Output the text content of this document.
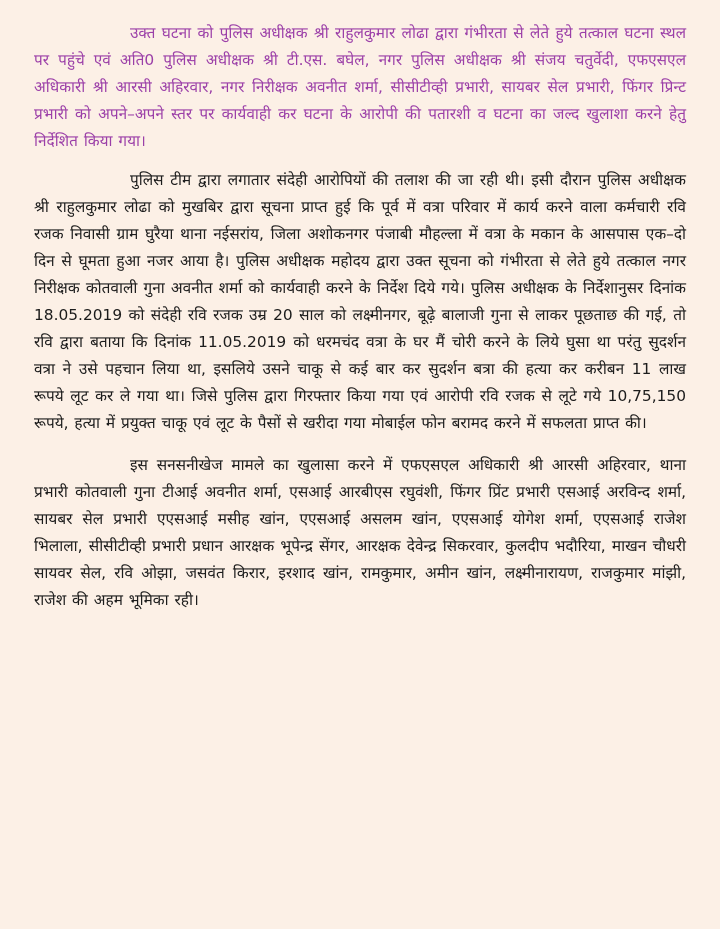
उक्त घटना को पुलिस अधीक्षक श्री राहुलकुमार लोढा द्वारा गंभीरता से लेते हुये तत्काल घटना स्थल पर पहुंचे एवं अति0 पुलिस अधीक्षक श्री टी.एस. बघेल, नगर पुलिस अधीक्षक श्री संजय चतुर्वेदी, एफएसएल अधिकारी श्री आरसी अहिरवार, नगर निरीक्षक अवनीत शर्मा, सीसीटीव्ही प्रभारी, सायबर सेल प्रभारी, फिंगर प्रिन्ट प्रभारी को अपने–अपने स्तर पर कार्यवाही कर घटना के आरोपी की पतारशी व घटना का जल्द खुलाशा करने हेतु निर्देशित किया गया।

पुलिस टीम द्वारा लगातार संदेही आरोपियों की तलाश की जा रही थी। इसी दौरान पुलिस अधीक्षक श्री राहुलकुमार लोढा को मुखबिर द्वारा सूचना प्राप्त हुई कि पूर्व में वत्रा परिवार में कार्य करने वाला कर्मचारी रवि रजक निवासी ग्राम घुरैया थाना नईसरांय, जिला अशोकनगर पंजाबी मौहल्ला में वत्रा के मकान के आसपास एक–दो दिन से घूमता हुआ नजर आया है। पुलिस अधीक्षक महोदय द्वारा उक्त सूचना को गंभीरता से लेते हुये तत्काल नगर निरीक्षक कोतवाली गुना अवनीत शर्मा को कार्यवाही करने के निर्देश दिये गये। पुलिस अधीक्षक के निर्देशानुसर दिनांक 18.05.2019 को संदेही रवि रजक उम्र 20 साल को लक्ष्मीनगर, बूढ़े बालाजी गुना से लाकर पूछताछ की गई, तो रवि द्वारा बताया कि दिनांक 11.05.2019 को धरमचंद वत्रा के घर मैं चोरी करने के लिये घुसा था परंतु सुदर्शन वत्रा ने उसे पहचान लिया था, इसलिये उसने चाकू से कई बार कर सुदर्शन बत्रा की हत्या कर करीबन 11 लाख रूपये लूट कर ले गया था। जिसे पुलिस द्वारा गिरफ्तार किया गया एवं आरोपी रवि रजक से लूटे गये 10,75,150 रूपये, हत्या में प्रयुक्त चाकू एवं लूट के पैसों से खरीदा गया मोबाईल फोन बरामद करने में सफलता प्राप्त की।

इस सनसनीखेज मामले का खुलासा करने में एफएसएल अधिकारी श्री आरसी अहिरवार, थाना प्रभारी कोतवाली गुना टीआई अवनीत शर्मा, एसआई आरबीएस रघुवंशी, फिंगर प्रिंट प्रभारी एसआई अरविन्द शर्मा, सायबर सेल प्रभारी एएसआई मसीह खांन, एएसआई असलम खांन, एएसआई योगेश शर्मा, एएसआई राजेश भिलाला, सीसीटीव्ही प्रभारी प्रधान आरक्षक भूपेन्द्र सेंगर, आरक्षक देवेन्द्र सिकरवार, कुलदीप भदौरिया, माखन चौधरी सायवर सेल, रवि ओझा, जसवंत किरार, इरशाद खांन, रामकुमार, अमीन खांन, लक्ष्मीनारायण, राजकुमार मांझी, राजेश की अहम भूमिका रही।
